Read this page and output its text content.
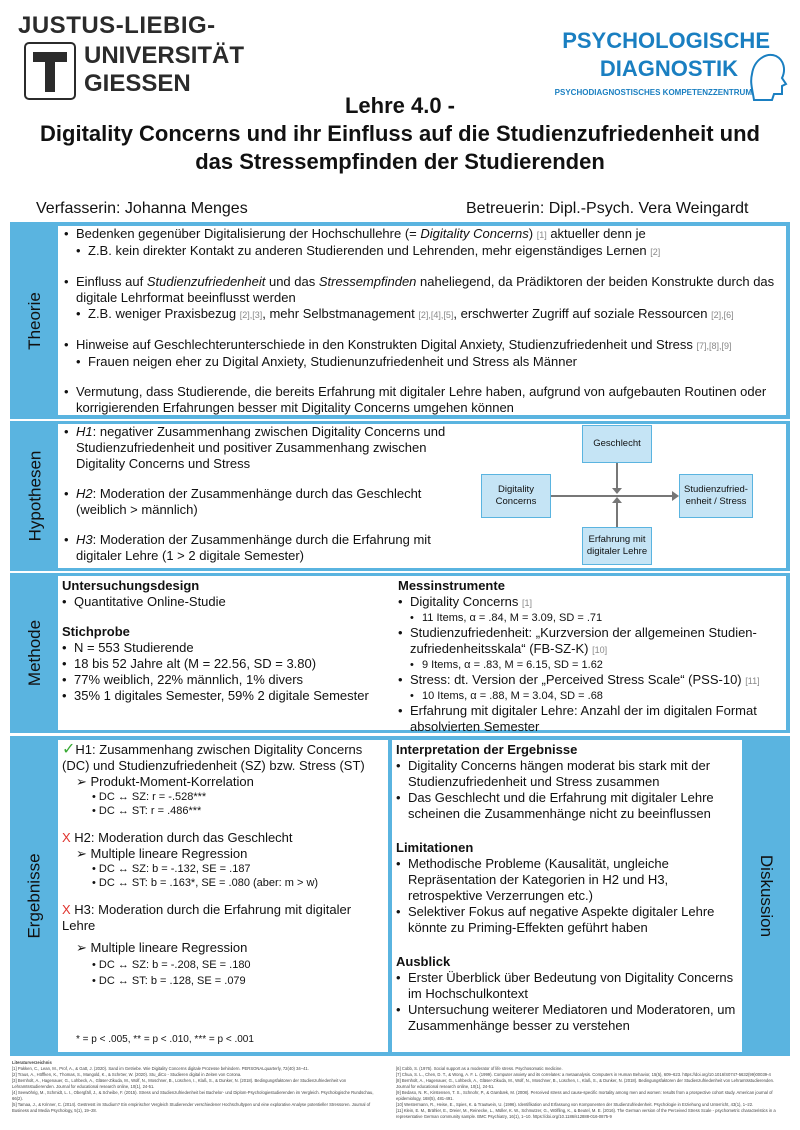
JUSTUS-LIEBIG-
UNIVERSITÄT
GIESSEN
PSYCHOLOGISCHE
DIAGNOSTIK
PSYCHODIAGNOSTISCHES KOMPETENZZENTRUM
Lehre 4.0 -
Digitality Concerns und ihr Einfluss auf die Studienzufriedenheit und
das Stressempfinden der Studierenden
Verfasserin: Johanna Menges	Betreuerin: Dipl.-Psych. Vera Weingardt
Theorie
• Bedenken gegenüber Digitalisierung der Hochschullehre (= Digitality Concerns) [1] aktueller denn je
• Z.B. kein direkter Kontakt zu anderen Studierenden und Lehrenden, mehr eigenständiges Lernen [2]
• Einfluss auf Studienzufriedenheit und das Stressempfinden naheliegend, da Prädiktoren der beiden Konstrukte durch das digitale Lehrformat beeinflusst werden
• Z.B. weniger Praxisbezug [2],[3], mehr Selbstmanagement [2],[4],[5], erschwerter Zugriff auf soziale Ressourcen [2],[6]
• Hinweise auf Geschlechterunterschiede in den Konstrukten Digital Anxiety, Studienzufriedenheit und Stress [7],[8],[9]
• Frauen neigen eher zu Digital Anxiety, Studienunzufriedenheit und Stress als Männer
• Vermutung, dass Studierende, die bereits Erfahrung mit digitaler Lehre haben, aufgrund von aufgebauten Routinen oder korrigierenden Erfahrungen besser mit Digitality Concerns umgehen können
Hypothesen
• H1: negativer Zusammenhang zwischen Digitality Concerns und Studienzufriedenheit und positiver Zusammenhang zwischen Digitality Concerns und Stress
• H2: Moderation der Zusammenhänge durch das Geschlecht (weiblich > männlich)
• H3: Moderation der Zusammenhänge durch die Erfahrung mit digitaler Lehre (1 > 2 digitale Semester)
Geschlecht
Digitality Concerns
Studienzufried-enheit / Stress
Erfahrung mit digitaler Lehre
Methode
Untersuchungsdesign
• Quantitative Online-Studie
Stichprobe
• N = 553 Studierende
• 18 bis 52 Jahre alt (M = 22.56, SD = 3.80)
• 77% weiblich, 22% männlich, 1% divers
• 35% 1 digitales Semester, 59% 2 digitale Semester
Messinstrumente
• Digitality Concerns [1]
• 11 Items, α = .84, M = 3.09, SD = .71
• Studienzufriedenheit: „Kurzversion der allgemeinen Studien-zufriedenheitsskala“ (FB-SZ-K) [10]
• 9 Items, α = .83, M = 6.15, SD = 1.62
• Stress: dt. Version der „Perceived Stress Scale“ (PSS-10) [11]
• 10 Items, α = .88, M = 3.04, SD = .68
• Erfahrung mit digitaler Lehre: Anzahl der im digitalen Format absolvierten Semester
Ergebnisse	Diskussion
✓H1: Zusammenhang zwischen Digitality Concerns (DC) und Studienzufriedenheit (SZ) bzw. Stress (ST)
➢ Produkt-Moment-Korrelation
• DC ↔ SZ: r = -.528***
• DC ↔ ST: r = .486***
X H2: Moderation durch das Geschlecht
➢ Multiple lineare Regression
• DC ↔ SZ: b = -.132, SE = .187
• DC ↔ ST: b = .163*, SE = .080 (aber: m > w)
X H3: Moderation durch die Erfahrung mit digitaler Lehre
➢ Multiple lineare Regression
• DC ↔ SZ: b = -.208, SE = .180
• DC ↔ ST: b = .128, SE = .079
* = p < .005, ** = p < .010, *** = p < .001
Interpretation der Ergebnisse
• Digitality Concerns hängen moderat bis stark mit der Studienzufriedenheit und Stress zusammen
• Das Geschlecht und die Erfahrung mit digitaler Lehre scheinen die Zusammenhänge nicht zu beeinflussen
Limitationen
• Methodische Probleme (Kausalität, ungleiche Repräsentation der Kategorien in H2 und H3, retrospektive Verzerrungen etc.)
• Selektiver Fokus auf negative Aspekte digitaler Lehre könnte zu Priming-Effekten geführt haben
Ausblick
• Erster Überblick über Bedeutung von Digitality Concerns im Hochschulkontext
• Untersuchung weiterer Mediatoren und Moderatoren, um Zusammenhänge besser zu verstehen
Literaturverzeichnis
[1] Pakken, C., Lean, M., Prof, A., & Gatt, J. (2020). Sand im Getriebe. Wie Digitality Concerns digitale Prozesse behindern. PERSONALquarterly, 72(40) 34–41.
[2] Traus, A., Höffken, K., Thomas, S., Mangold, K., & Schröer, W. (2020). Stu_diCo - Studieren digital in Zeiten von Corona.
[3] Bernholt, A., Hagenauer, G., Lohbeck, A., Gläser-Zikuda, M., Wolf, N., Moschner, B., Lüschen, I., Klaß, S., & Dunker, N. (2018). Bedingungsfaktoren der Studienzufriedenheit von Lehramtsstudierenden. Journal for educational research online, 10(1), 24-51.
[4] Seewöhrig, M., Schmidt, L. I., Obergfäll, J., & Scheibe, F. (2015). Stress und Studienzufriedenheit bei Bachelor- und Diplom-Psychologiestudierenden im Vergleich. Psychologische Rundschau, 66(2).
[5] Tamaa, J., & Krinner, C. (2014). Gestresst im Studium? Ein empirischer Vergleich Studierender verschiedener Hochschultypen und eine explorative Analyse potentieller Stressoren. Journal of Business and Media Psychology, 5(1), 19–28.
[6] Cobb, S. (1976). Social support as a moderator of life stress. Psychosomatic medicine.
[7] Chua, S. L., Chen, D. T., & Wong, A. F. L. (1999). Computer anxiety and its correlates: a metaanalysis. Computers in Human Behavior, 15(5), 609–623. https://doi.org/10.1016/S0747-5632(99)00039-4
[8] Bernholt, A., Hagenauer, G., Lohbeck, A., Gläser-Zikuda, M., Wolf, N., Moschner, B., Lüschen, I., Klaß, S., & Dunker, N. (2018). Bedingungsfaktoren der Studienzufriedenheit von Lehramtsstudierenden. Journal for educational research online, 10(1), 24-51.
[9] Bedaso, N. R., Kirstensen, T. S., Schnohr, P., & Grønbæk, M. (2008). Perceived stress and cause-specific mortality among men and women: results from a prospective cohort study. American journal of epidemiology, 168(5), 481-491.
[10] Westermann, R., Heise, E., Spies, K. & Trautwein, U. (1996). Identifikation und Erfassung von Komponenten der Studienzufriedenheit. Psychologie in Erziehung und Unterricht, 43(1), 1–22.
[11] Klein, E. M., Brähler, E., Dreier, M., Reinecke, L., Müller, K. W., Schmutzer, G., Wölfling, K., & Beutel, M. E. (2016). The German version of the Perceived Stress Scale - psychometric characteristics in a representative German community sample. BMC Psychiatry, 16(1), 1–10. https://doi.org/10.1186/s12888-016-0875-9
